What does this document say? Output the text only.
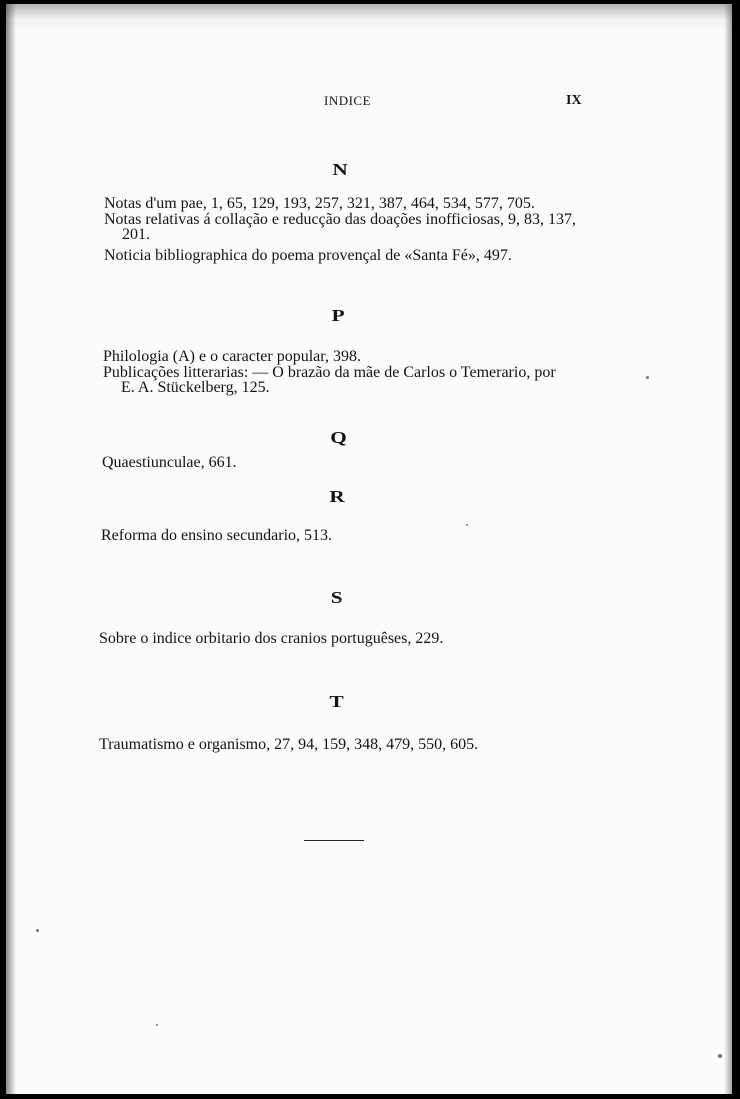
INDICE	IX
N
Notas d'um pae, 1, 65, 129, 193, 257, 321, 387, 464, 534, 577, 705.
Notas relativas á collação e reducção das doações inofficiosas, 9, 83, 137,
201.
Noticia bibliographica do poema provençal de «Santa Fé», 497.
P
Philologia (A) e o caracter popular, 398.
Publicações litterarias: — O brazão da mãe de Carlos o Temerario, por
E. A. Stückelberg, 125.
Q
Quaestiunculae, 661.
R
Reforma do ensino secundario, 513.
S
Sobre o indice orbitario dos cranios portuguêses, 229.
T
Traumatismo e organismo, 27, 94, 159, 348, 479, 550, 605.
